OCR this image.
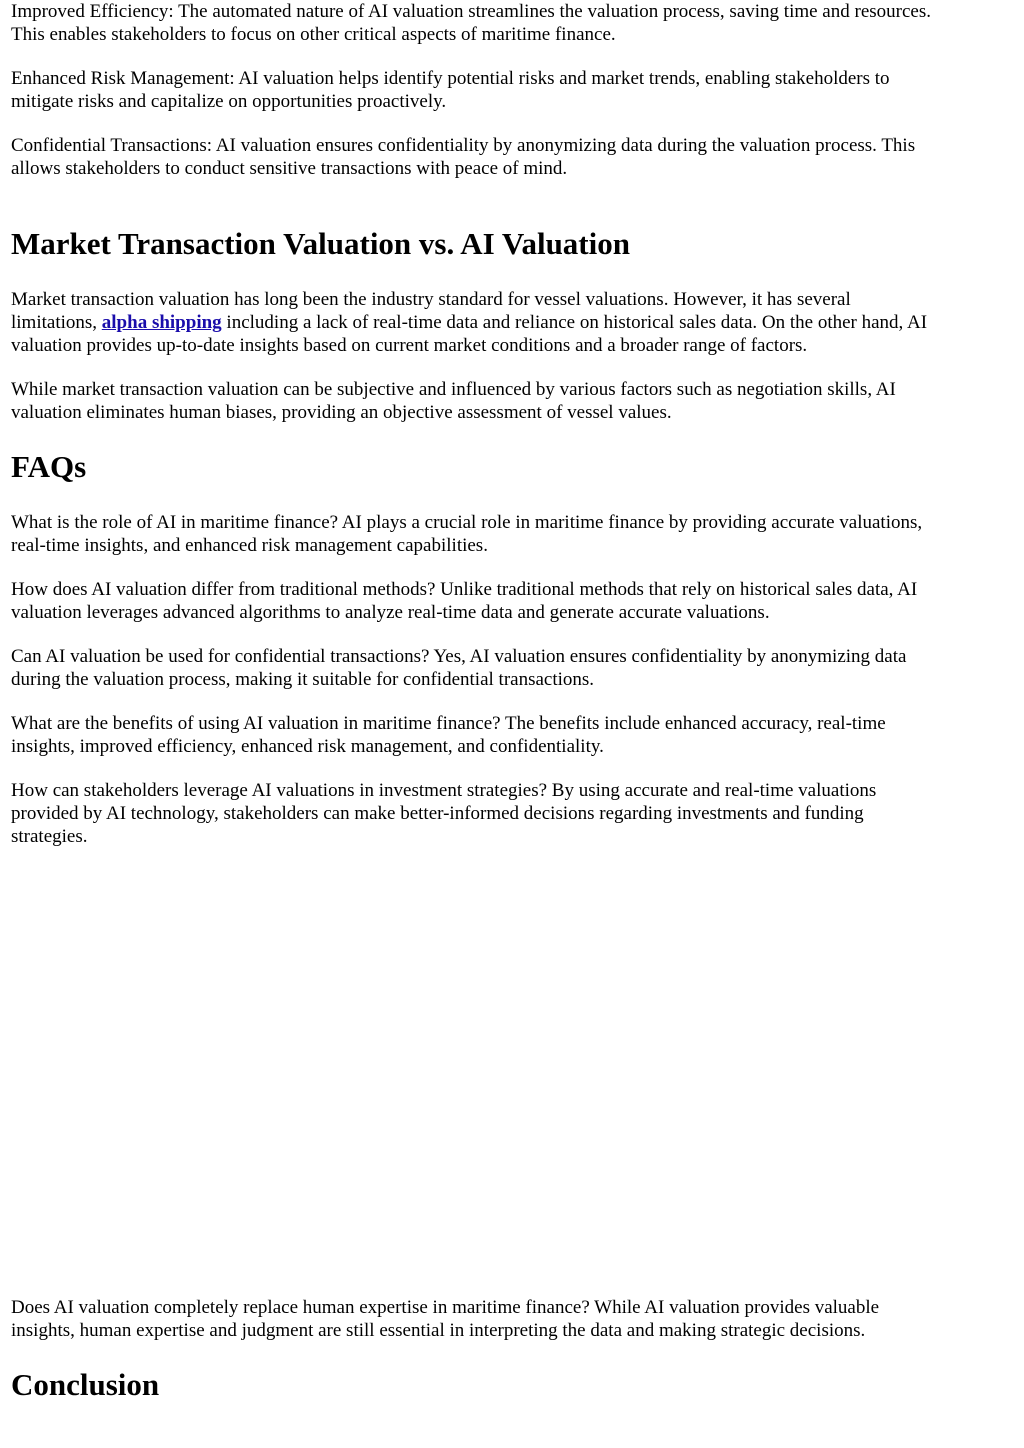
Improved Efficiency: The automated nature of AI valuation streamlines the valuation process, saving time and resources.
This enables stakeholders to focus on other critical aspects of maritime finance.

Enhanced Risk Management: AI valuation helps identify potential risks and market trends, enabling stakeholders to
mitigate risks and capitalize on opportunities proactively.

Confidential Transactions: AI valuation ensures confidentiality by anonymizing data during the valuation process. This
allows stakeholders to conduct sensitive transactions with peace of mind.

Market Transaction Valuation vs. AI Valuation

Market transaction valuation has long been the industry standard for vessel valuations. However, it has several
limitations, alpha shipping including a lack of real-time data and reliance on historical sales data. On the other hand, AI
valuation provides up-to-date insights based on current market conditions and a broader range of factors.

While market transaction valuation can be subjective and influenced by various factors such as negotiation skills, AI
valuation eliminates human biases, providing an objective assessment of vessel values.

FAQs

What is the role of AI in maritime finance? AI plays a crucial role in maritime finance by providing accurate valuations,
real-time insights, and enhanced risk management capabilities.

How does AI valuation differ from traditional methods? Unlike traditional methods that rely on historical sales data, AI
valuation leverages advanced algorithms to analyze real-time data and generate accurate valuations.

Can AI valuation be used for confidential transactions? Yes, AI valuation ensures confidentiality by anonymizing data
during the valuation process, making it suitable for confidential transactions.

What are the benefits of using AI valuation in maritime finance? The benefits include enhanced accuracy, real-time
insights, improved efficiency, enhanced risk management, and confidentiality.

How can stakeholders leverage AI valuations in investment strategies? By using accurate and real-time valuations
provided by AI technology, stakeholders can make better-informed decisions regarding investments and funding
strategies.

Does AI valuation completely replace human expertise in maritime finance? While AI valuation provides valuable
insights, human expertise and judgment are still essential in interpreting the data and making strategic decisions.

Conclusion
